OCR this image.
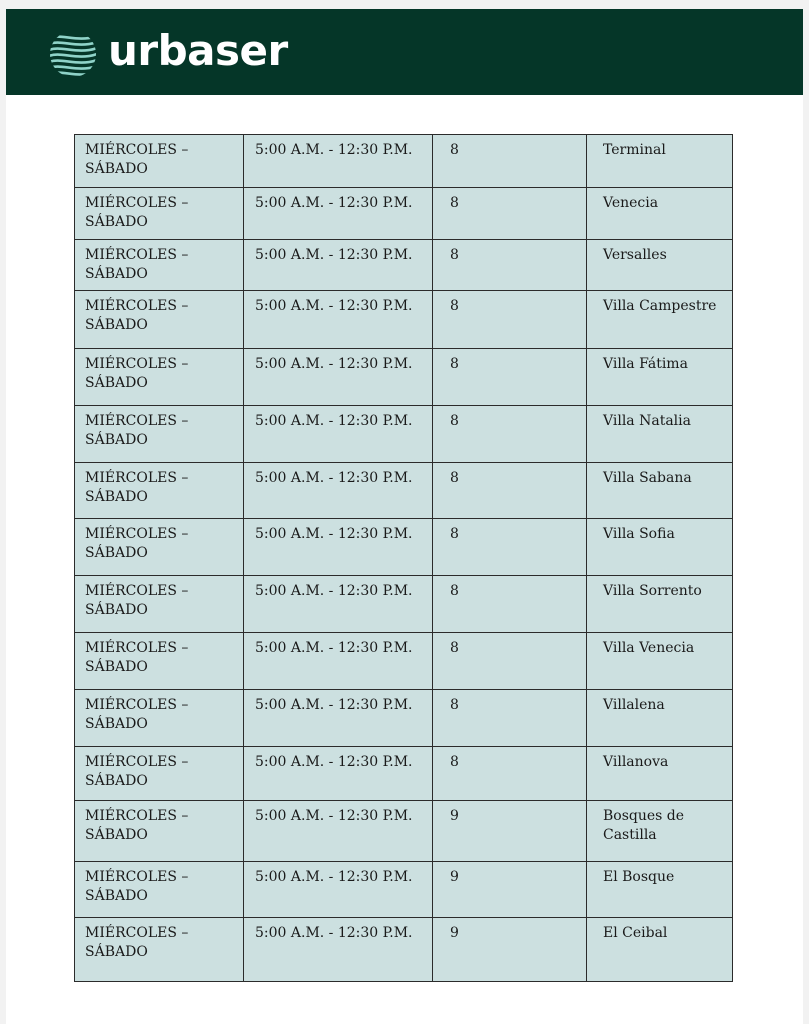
urbaser
MIÉRCOLES –
SÁBADO	5:00 A.M. - 12:30 P.M.	8	Terminal

MIÉRCOLES –
SÁBADO	5:00 A.M. - 12:30 P.M.	8	Venecia

MIÉRCOLES –
SÁBADO	5:00 A.M. - 12:30 P.M.	8	Versalles

MIÉRCOLES –
SÁBADO	5:00 A.M. - 12:30 P.M.	8	Villa Campestre

MIÉRCOLES –
SÁBADO	5:00 A.M. - 12:30 P.M.	8	Villa Fátima

MIÉRCOLES –
SÁBADO	5:00 A.M. - 12:30 P.M.	8	Villa Natalia

MIÉRCOLES –
SÁBADO	5:00 A.M. - 12:30 P.M.	8	Villa Sabana

MIÉRCOLES –
SÁBADO	5:00 A.M. - 12:30 P.M.	8	Villa Sofia

MIÉRCOLES –
SÁBADO	5:00 A.M. - 12:30 P.M.	8	Villa Sorrento

MIÉRCOLES –
SÁBADO	5:00 A.M. - 12:30 P.M.	8	Villa Venecia

MIÉRCOLES –
SÁBADO	5:00 A.M. - 12:30 P.M.	8	Villalena

MIÉRCOLES –
SÁBADO	5:00 A.M. - 12:30 P.M.	8	Villanova

MIÉRCOLES –
SÁBADO	5:00 A.M. - 12:30 P.M.	9	Bosques de Castilla

MIÉRCOLES –
SÁBADO	5:00 A.M. - 12:30 P.M.	9	El Bosque

MIÉRCOLES –
SÁBADO	5:00 A.M. - 12:30 P.M.	9	El Ceibal
